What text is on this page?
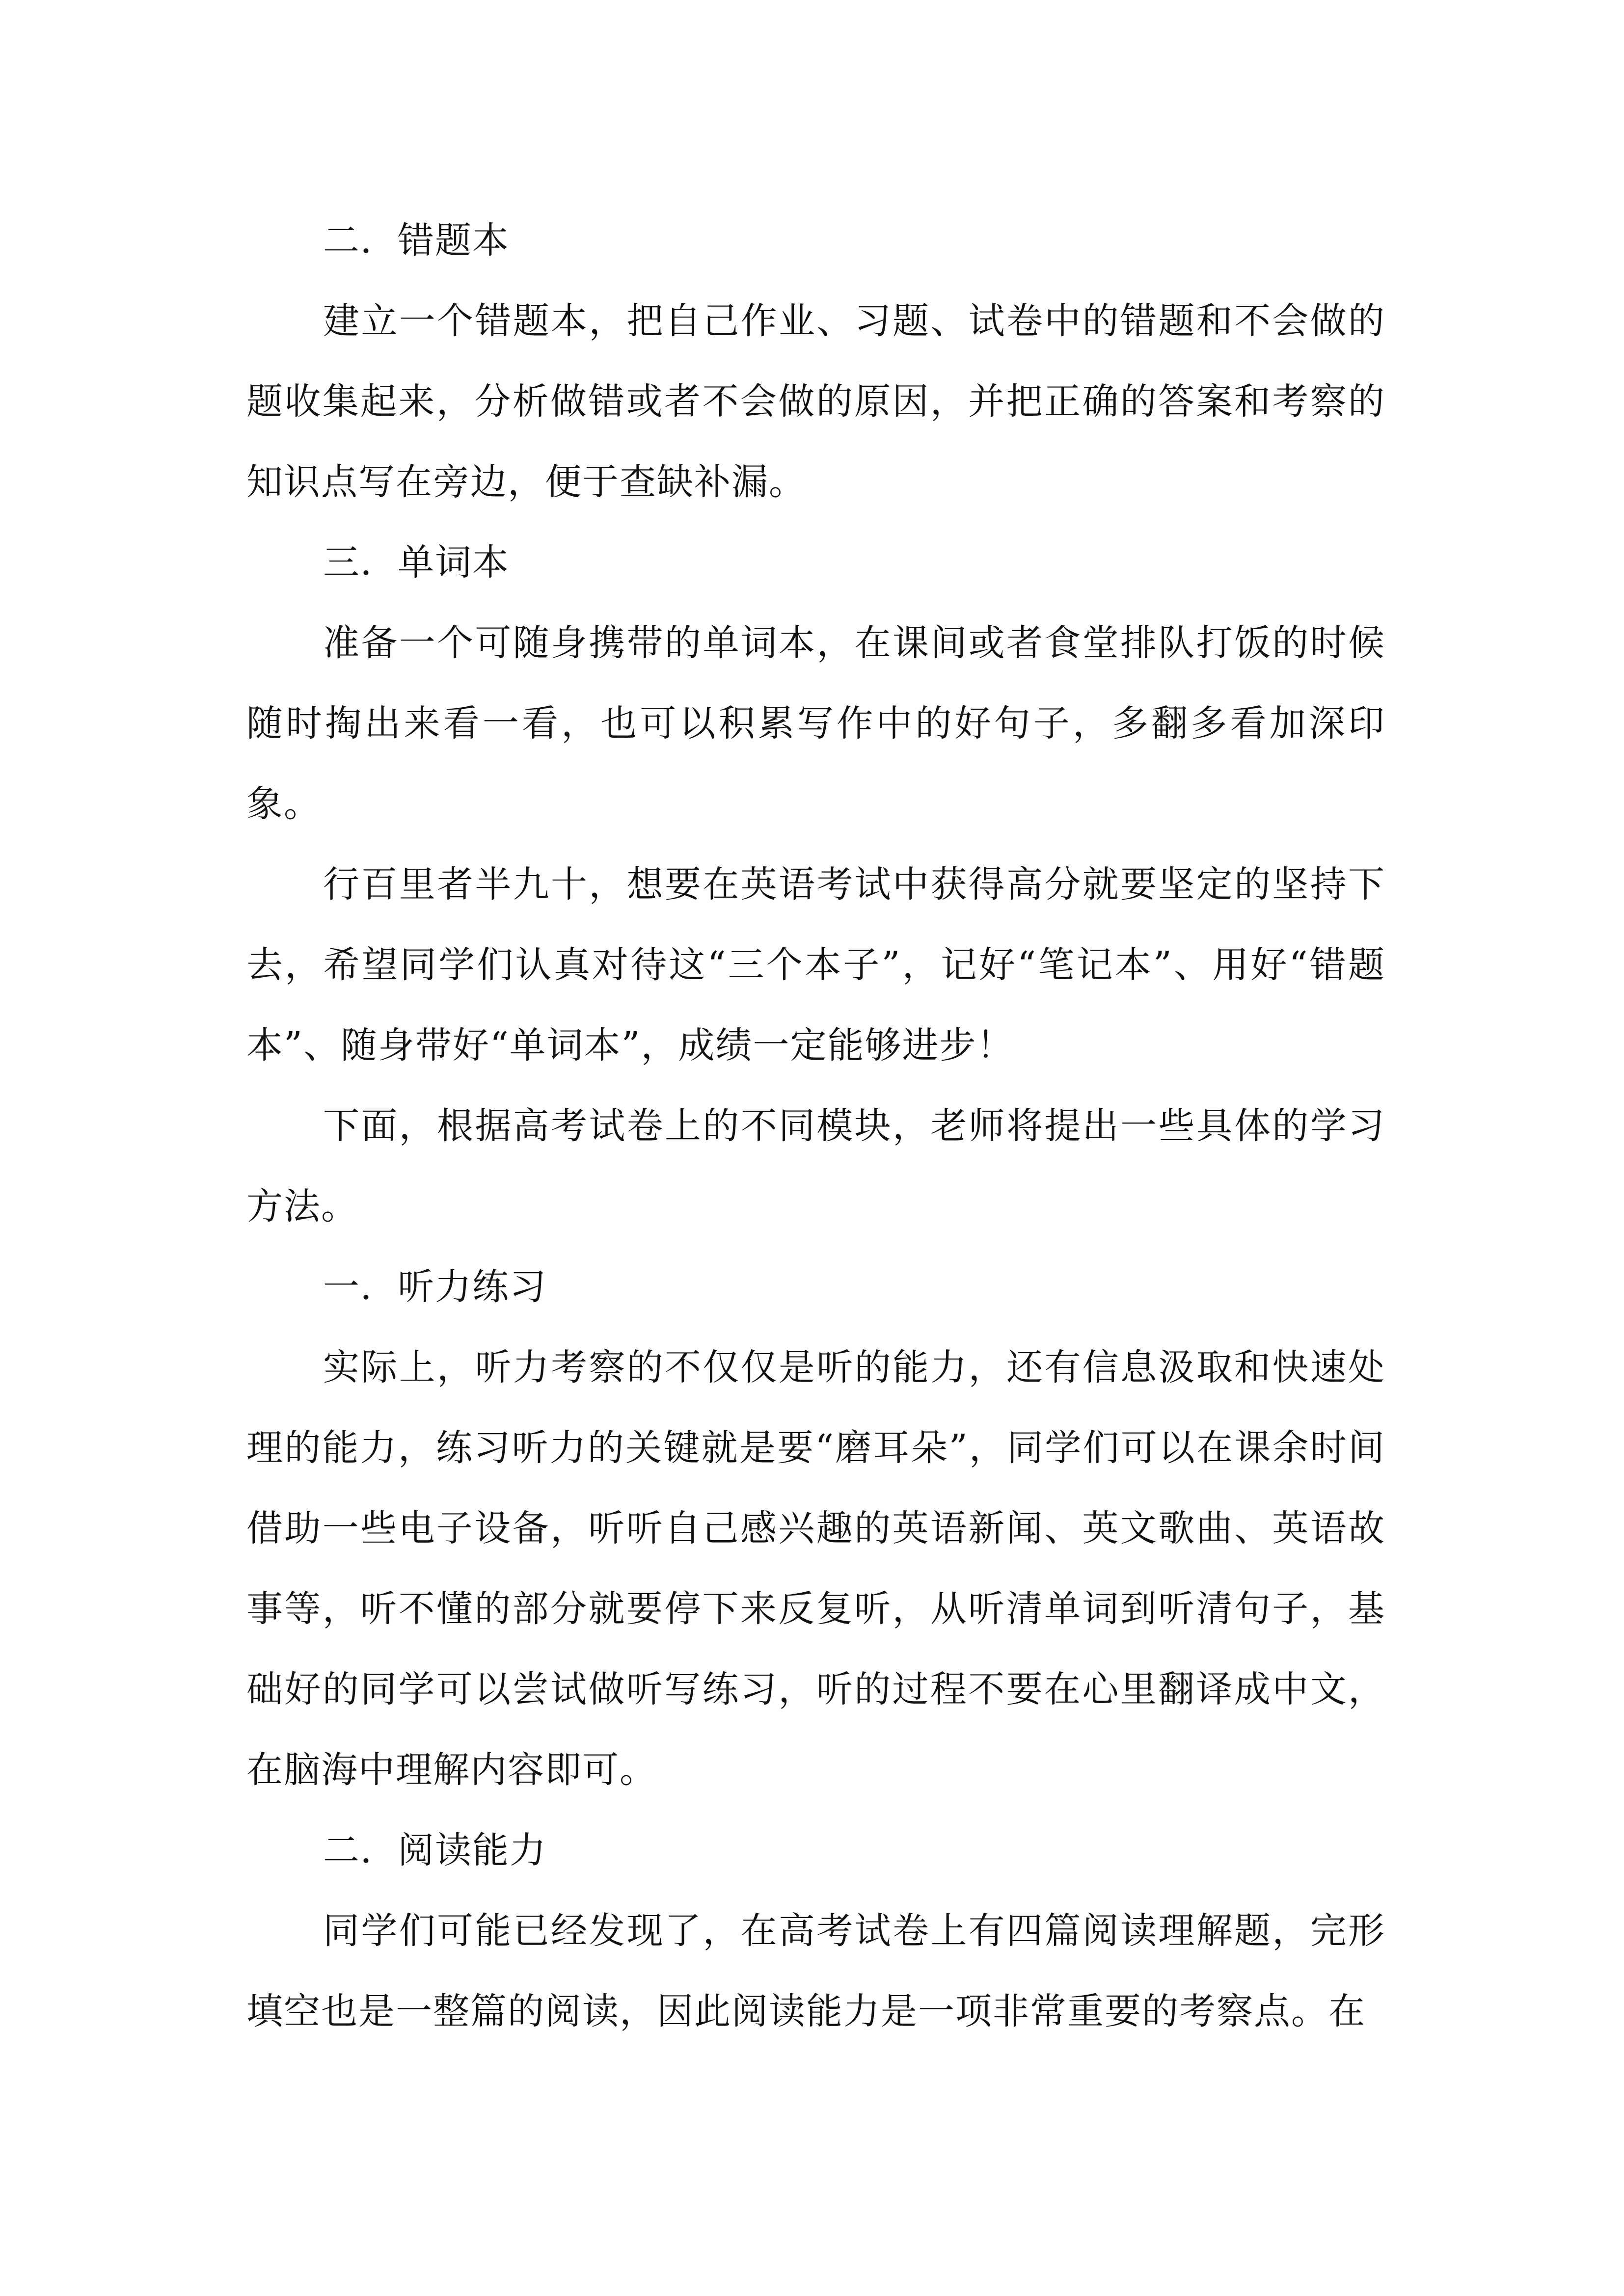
二．错题本

建立一个错题本，把自己作业、习题、试卷中的错题和不会做的题收集起来，分析做错或者不会做的原因，并把正确的答案和考察的知识点写在旁边，便于查缺补漏。

三．单词本

准备一个可随身携带的单词本，在课间或者食堂排队打饭的时候随时掏出来看一看，也可以积累写作中的好句子，多翻多看加深印象。

行百里者半九十，想要在英语考试中获得高分就要坚定的坚持下去，希望同学们认真对待这“三个本子”，记好“笔记本”、用好“错题本”、随身带好“单词本”，成绩一定能够进步！

下面，根据高考试卷上的不同模块，老师将提出一些具体的学习方法。

一．听力练习

实际上，听力考察的不仅仅是听的能力，还有信息汲取和快速处理的能力，练习听力的关键就是要“磨耳朵”，同学们可以在课余时间借助一些电子设备，听听自己感兴趣的英语新闻、英文歌曲、英语故事等，听不懂的部分就要停下来反复听，从听清单词到听清句子，基础好的同学可以尝试做听写练习，听的过程不要在心里翻译成中文，在脑海中理解内容即可。

二．阅读能力

同学们可能已经发现了，在高考试卷上有四篇阅读理解题，完形填空也是一整篇的阅读，因此阅读能力是一项非常重要的考察点。在
